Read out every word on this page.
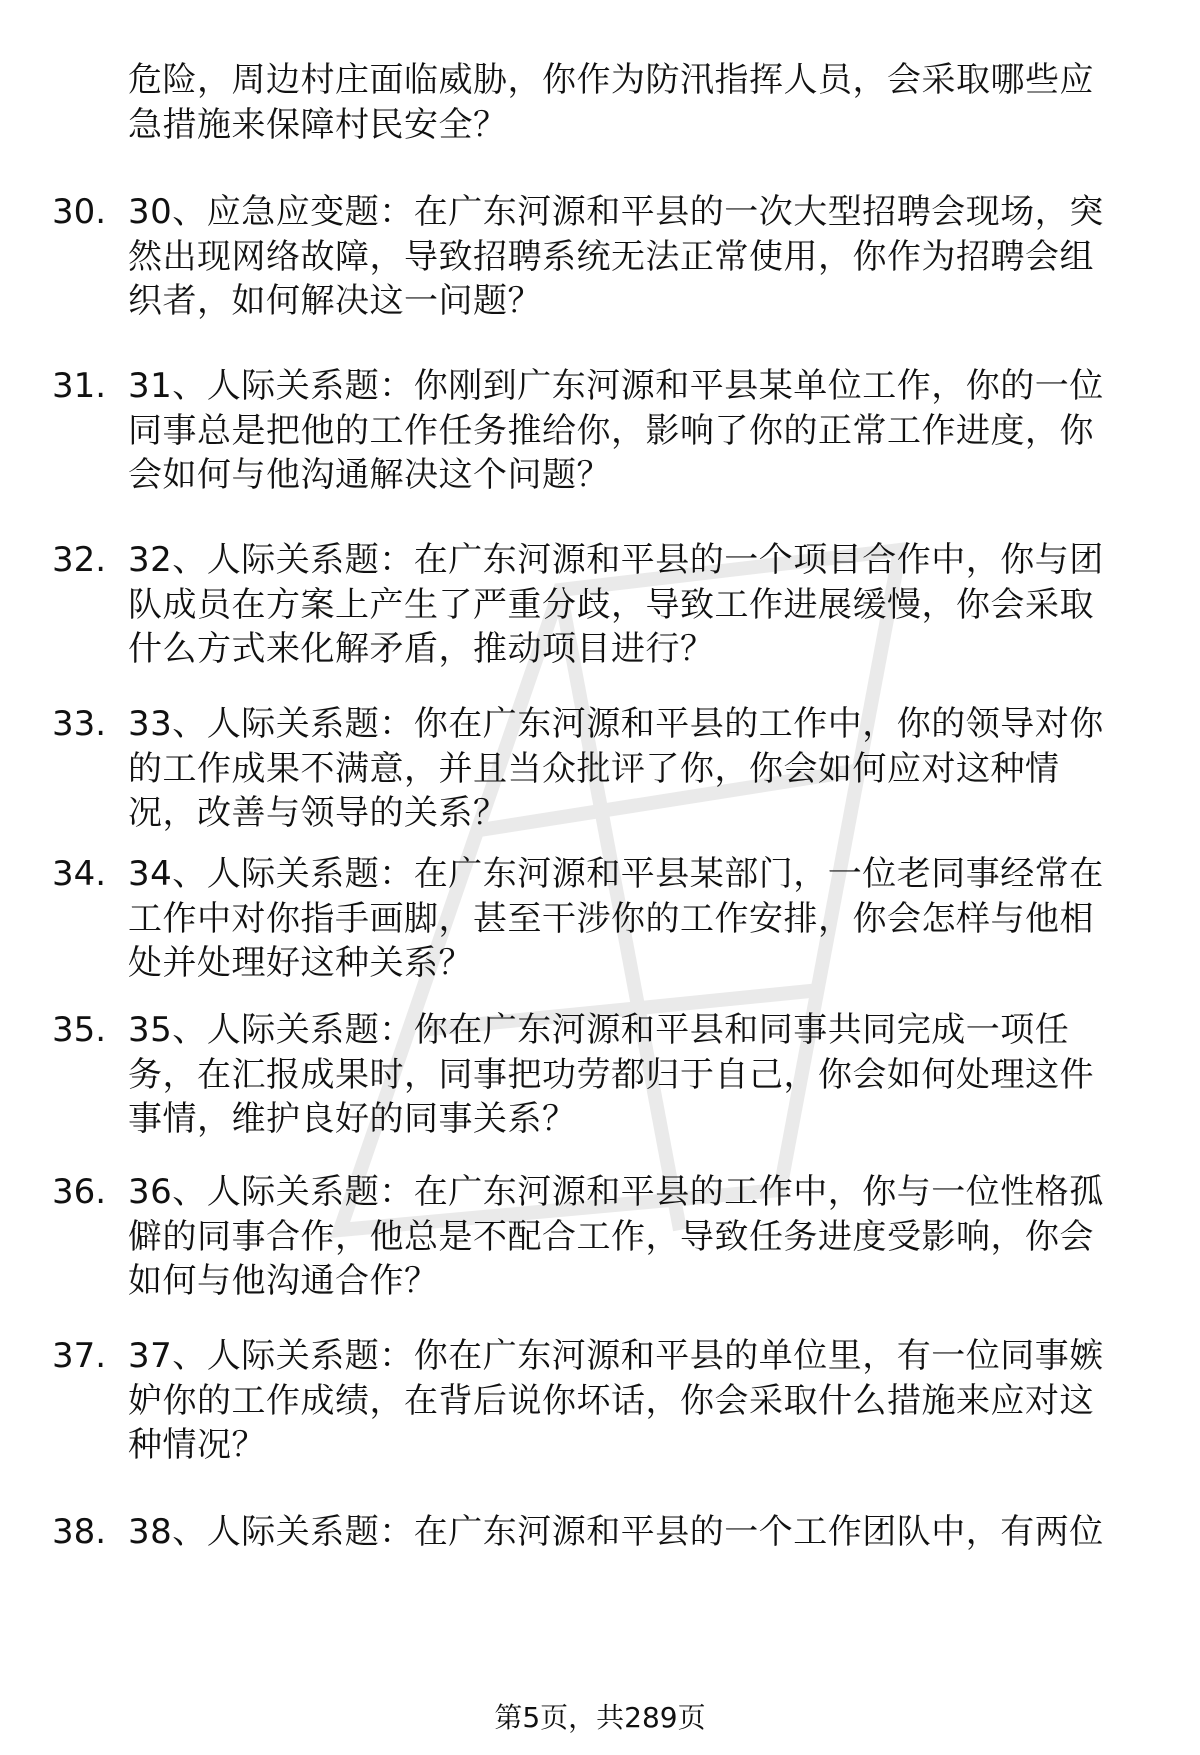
危险，周边村庄面临威胁，你作为防汛指挥人员，会采取哪些应
急措施来保障村民安全？
30. 30、应急应变题：在广东河源和平县的一次大型招聘会现场，突
然出现网络故障，导致招聘系统无法正常使用，你作为招聘会组
织者，如何解决这一问题？
31. 31、人际关系题：你刚到广东河源和平县某单位工作，你的一位
同事总是把他的工作任务推给你，影响了你的正常工作进度，你
会如何与他沟通解决这个问题？
32. 32、人际关系题：在广东河源和平县的一个项目合作中，你与团
队成员在方案上产生了严重分歧，导致工作进展缓慢，你会采取
什么方式来化解矛盾，推动项目进行？
33. 33、人际关系题：你在广东河源和平县的工作中，你的领导对你
的工作成果不满意，并且当众批评了你，你会如何应对这种情
况，改善与领导的关系？
34. 34、人际关系题：在广东河源和平县某部门，一位老同事经常在
工作中对你指手画脚，甚至干涉你的工作安排，你会怎样与他相
处并处理好这种关系？
35. 35、人际关系题：你在广东河源和平县和同事共同完成一项任
务，在汇报成果时，同事把功劳都归于自己，你会如何处理这件
事情，维护良好的同事关系？
36. 36、人际关系题：在广东河源和平县的工作中，你与一位性格孤
僻的同事合作，他总是不配合工作，导致任务进度受影响，你会
如何与他沟通合作？
37. 37、人际关系题：你在广东河源和平县的单位里，有一位同事嫉
妒你的工作成绩，在背后说你坏话，你会采取什么措施来应对这
种情况？
38. 38、人际关系题：在广东河源和平县的一个工作团队中，有两位
第5页，共289页
